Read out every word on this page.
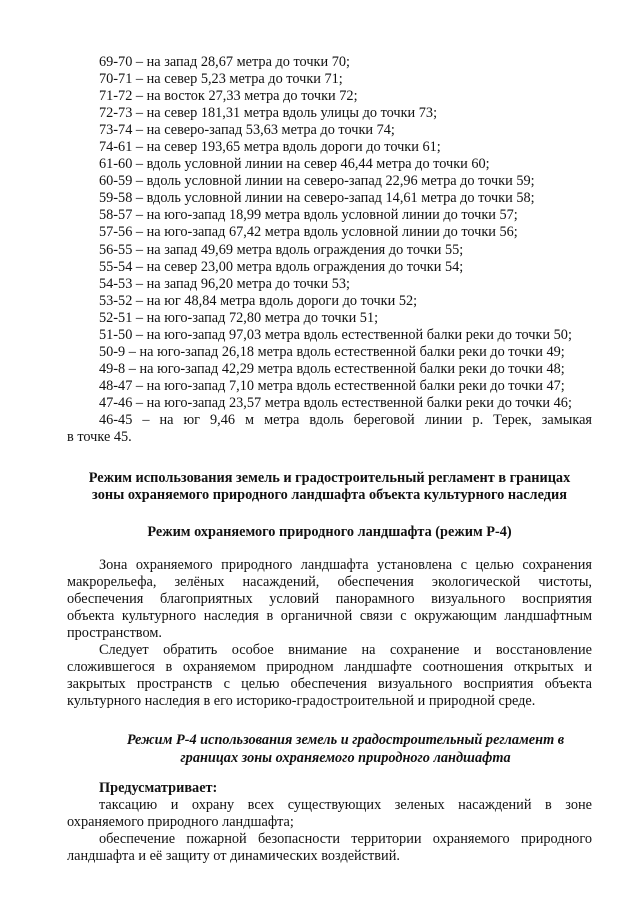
69-70 – на запад 28,67 метра до точки 70;
70-71 – на север 5,23 метра до точки 71;
71-72 – на восток 27,33 метра до точки 72;
72-73 – на север 181,31 метра вдоль улицы до точки 73;
73-74 – на северо-запад 53,63 метра до точки 74;
74-61 – на север 193,65 метра вдоль дороги до точки 61;
61-60 – вдоль условной линии на север 46,44 метра до точки 60;
60-59 – вдоль условной линии на северо-запад 22,96 метра до точки 59;
59-58 – вдоль условной линии на северо-запад 14,61 метра до точки 58;
58-57 – на юго-запад 18,99 метра вдоль условной линии до точки 57;
57-56 – на юго-запад 67,42 метра вдоль условной линии до точки 56;
56-55 – на запад 49,69 метра вдоль ограждения до точки 55;
55-54 – на север 23,00 метра вдоль ограждения до точки 54;
54-53 – на запад 96,20 метра до точки 53;
53-52 – на юг 48,84 метра вдоль дороги до точки 52;
52-51 – на юго-запад 72,80 метра до точки 51;
51-50 – на юго-запад 97,03 метра вдоль естественной балки реки до точки 50;
50-9 – на юго-запад 26,18 метра вдоль естественной балки реки до точки 49;
49-8 – на юго-запад 42,29 метра вдоль естественной балки реки до точки 48;
48-47 – на юго-запад 7,10 метра вдоль естественной балки реки до точки 47;
47-46 – на юго-запад 23,57 метра вдоль естественной балки реки до точки 46;
46-45 – на юг 9,46 м метра вдоль береговой линии р. Терек, замыкая
в точке 45.
Режим использования земель и градостроительный регламент в границах
зоны охраняемого природного ландшафта объекта культурного наследия
Режим охраняемого природного ландшафта (режим Р-4)
Зона охраняемого природного ландшафта установлена с целью сохранения
макрорельефа, зелёных насаждений, обеспечения экологической чистоты,
обеспечения благоприятных условий панорамного визуального восприятия
объекта культурного наследия в органичной связи с окружающим ландшафтным
пространством.
Следует обратить особое внимание на сохранение и восстановление
сложившегося в охраняемом природном ландшафте соотношения открытых и
закрытых пространств с целью обеспечения визуального восприятия объекта
культурного наследия в его историко-градостроительной и природной среде.
Режим Р-4 использования земель и градостроительный регламент в
границах зоны охраняемого природного ландшафта
Предусматривает:
таксацию и охрану всех существующих зеленых насаждений в зоне
охраняемого природного ландшафта;
обеспечение пожарной безопасности территории охраняемого природного
ландшафта и её защиту от динамических воздействий.
